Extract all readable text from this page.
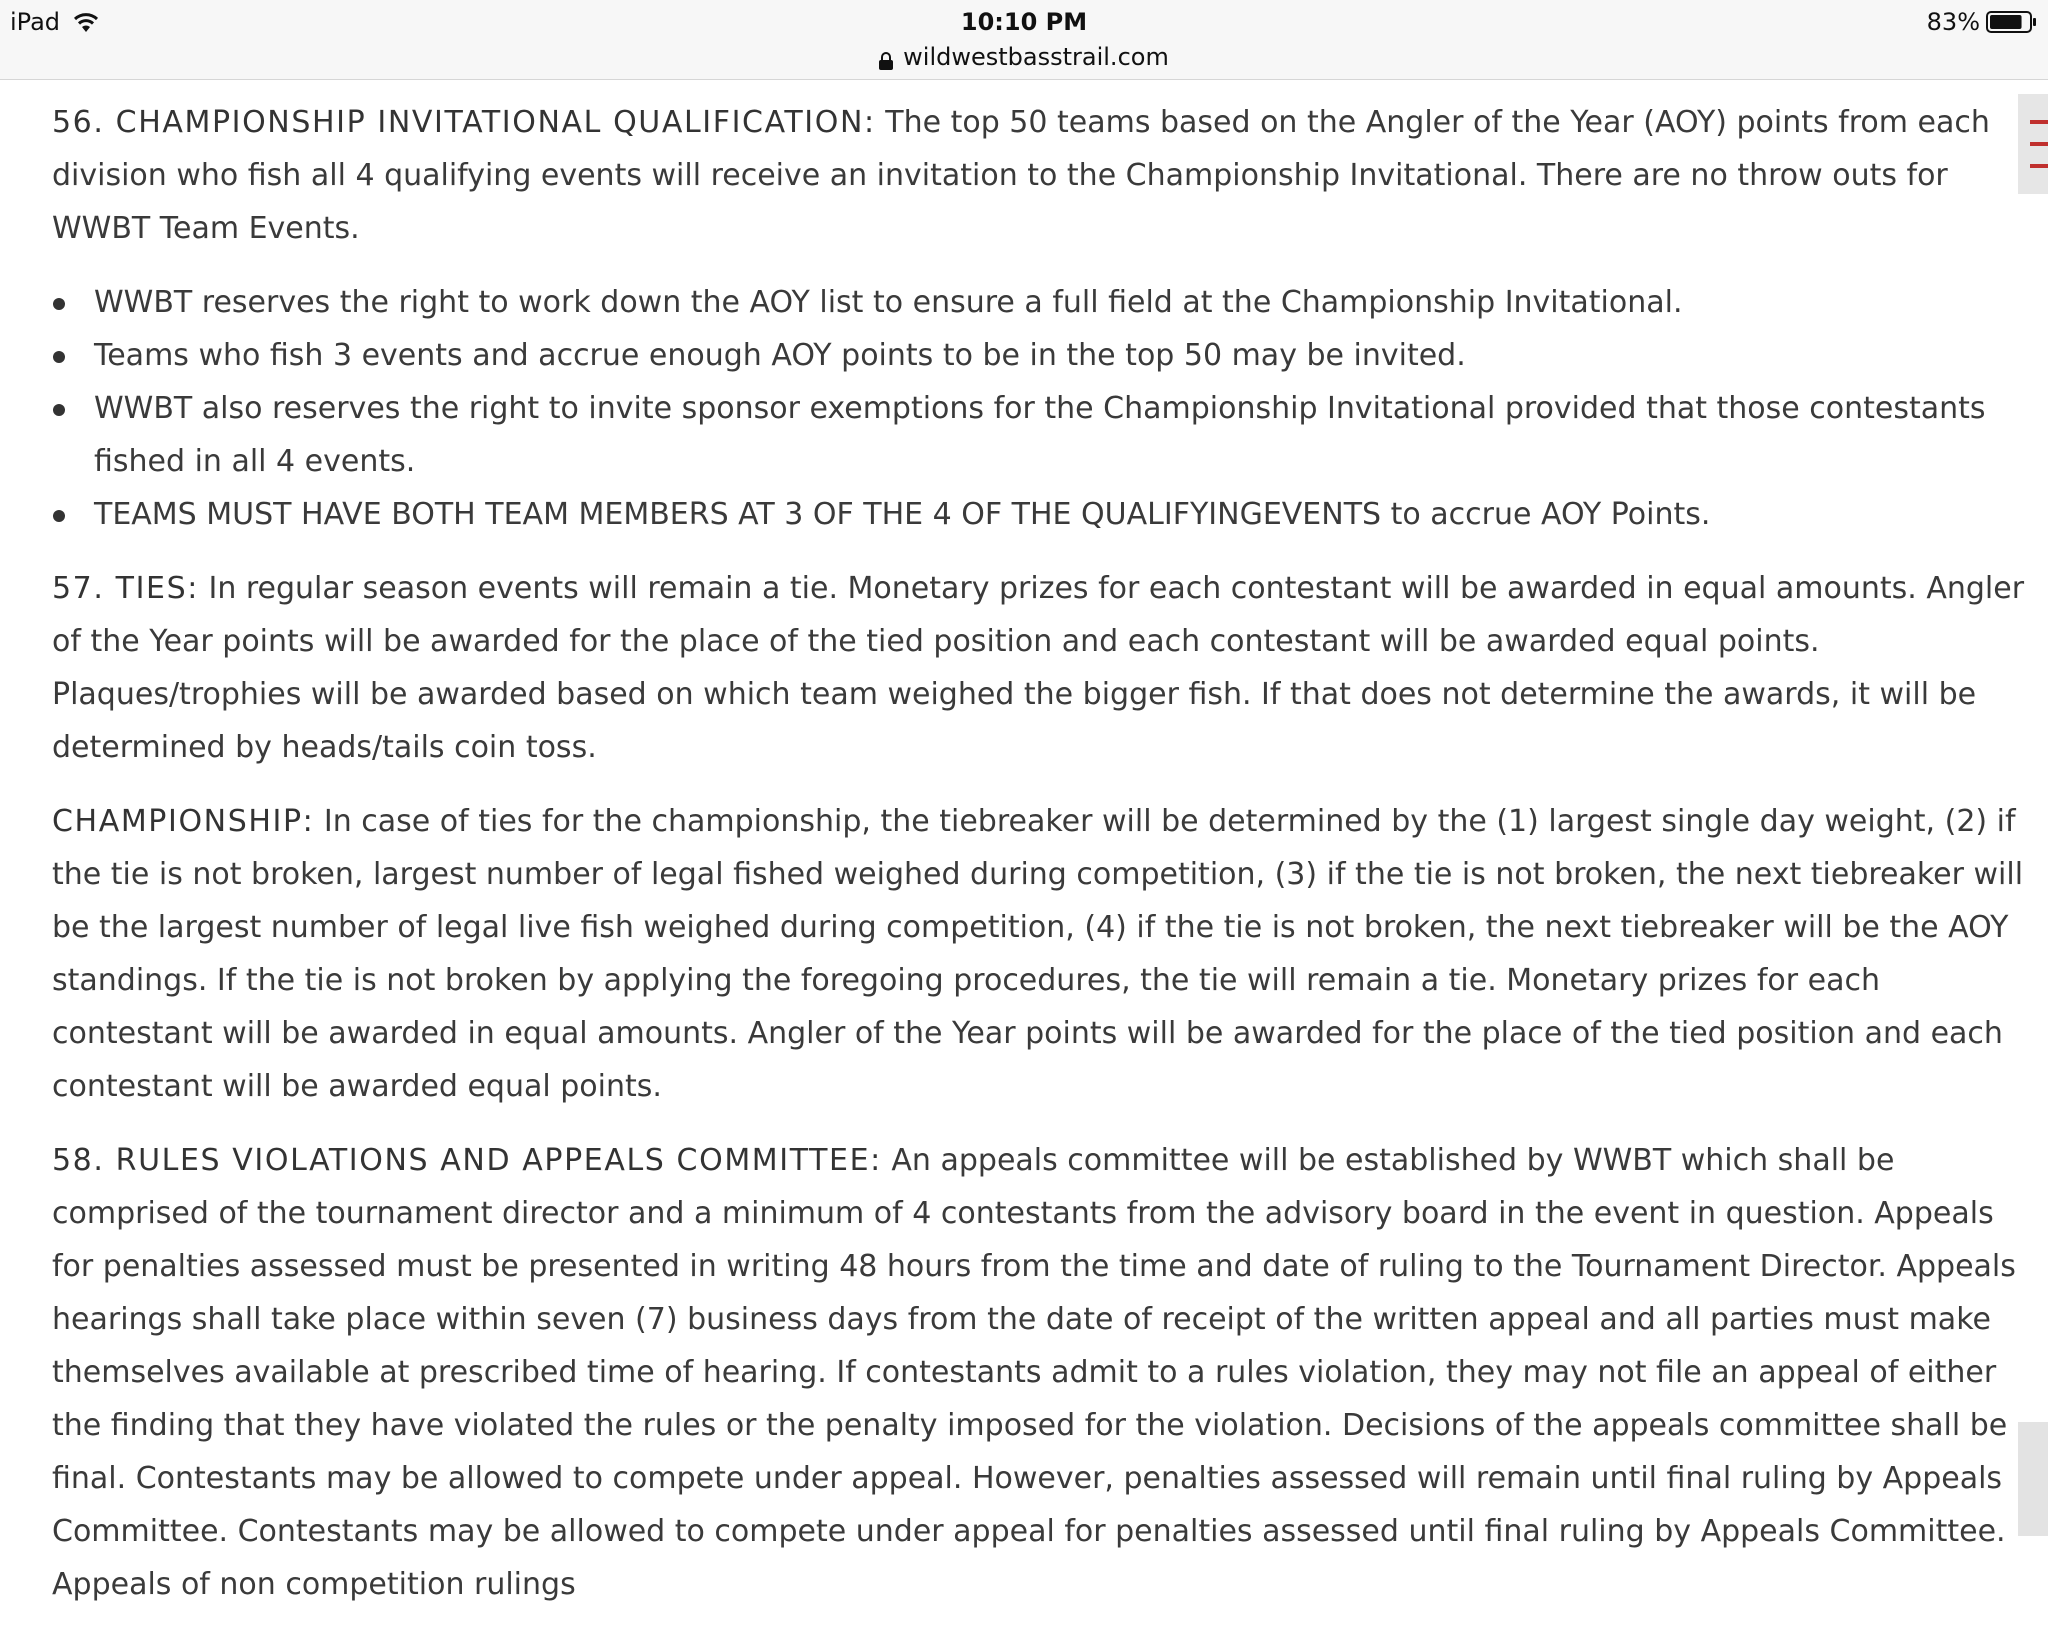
iPad	10:10 PM	83%
wildwestbasstrail.com

56. CHAMPIONSHIP INVITATIONAL QUALIFICATION: The top 50 teams based on the Angler of the Year (AOY) points from each division who fish all 4 qualifying events will receive an invitation to the Championship Invitational. There are no throw outs for WWBT Team Events.

WWBT reserves the right to work down the AOY list to ensure a full field at the Championship Invitational.
Teams who fish 3 events and accrue enough AOY points to be in the top 50 may be invited.
WWBT also reserves the right to invite sponsor exemptions for the Championship Invitational provided that those contestants fished in all 4 events.
TEAMS MUST HAVE BOTH TEAM MEMBERS AT 3 OF THE 4 OF THE QUALIFYINGEVENTS to accrue AOY Points.

57. TIES: In regular season events will remain a tie. Monetary prizes for each contestant will be awarded in equal amounts. Angler of the Year points will be awarded for the place of the tied position and each contestant will be awarded equal points. Plaques/trophies will be awarded based on which team weighed the bigger fish. If that does not determine the awards, it will be determined by heads/tails coin toss.

CHAMPIONSHIP: In case of ties for the championship, the tiebreaker will be determined by the (1) largest single day weight, (2) if the tie is not broken, largest number of legal fished weighed during competition, (3) if the tie is not broken, the next tiebreaker will be the largest number of legal live fish weighed during competition, (4) if the tie is not broken, the next tiebreaker will be the AOY standings. If the tie is not broken by applying the foregoing procedures, the tie will remain a tie. Monetary prizes for each contestant will be awarded in equal amounts. Angler of the Year points will be awarded for the place of the tied position and each contestant will be awarded equal points.

58. RULES VIOLATIONS AND APPEALS COMMITTEE: An appeals committee will be established by WWBT which shall be comprised of the tournament director and a minimum of 4 contestants from the advisory board in the event in question. Appeals for penalties assessed must be presented in writing 48 hours from the time and date of ruling to the Tournament Director. Appeals hearings shall take place within seven (7) business days from the date of receipt of the written appeal and all parties must make themselves available at prescribed time of hearing. If contestants admit to a rules violation, they may not file an appeal of either the finding that they have violated the rules or the penalty imposed for the violation. Decisions of the appeals committee shall be final. Contestants may be allowed to compete under appeal. However, penalties assessed will remain until final ruling by Appeals Committee. Contestants may be allowed to compete under appeal for penalties assessed until final ruling by Appeals Committee. Appeals of non competition rulings
